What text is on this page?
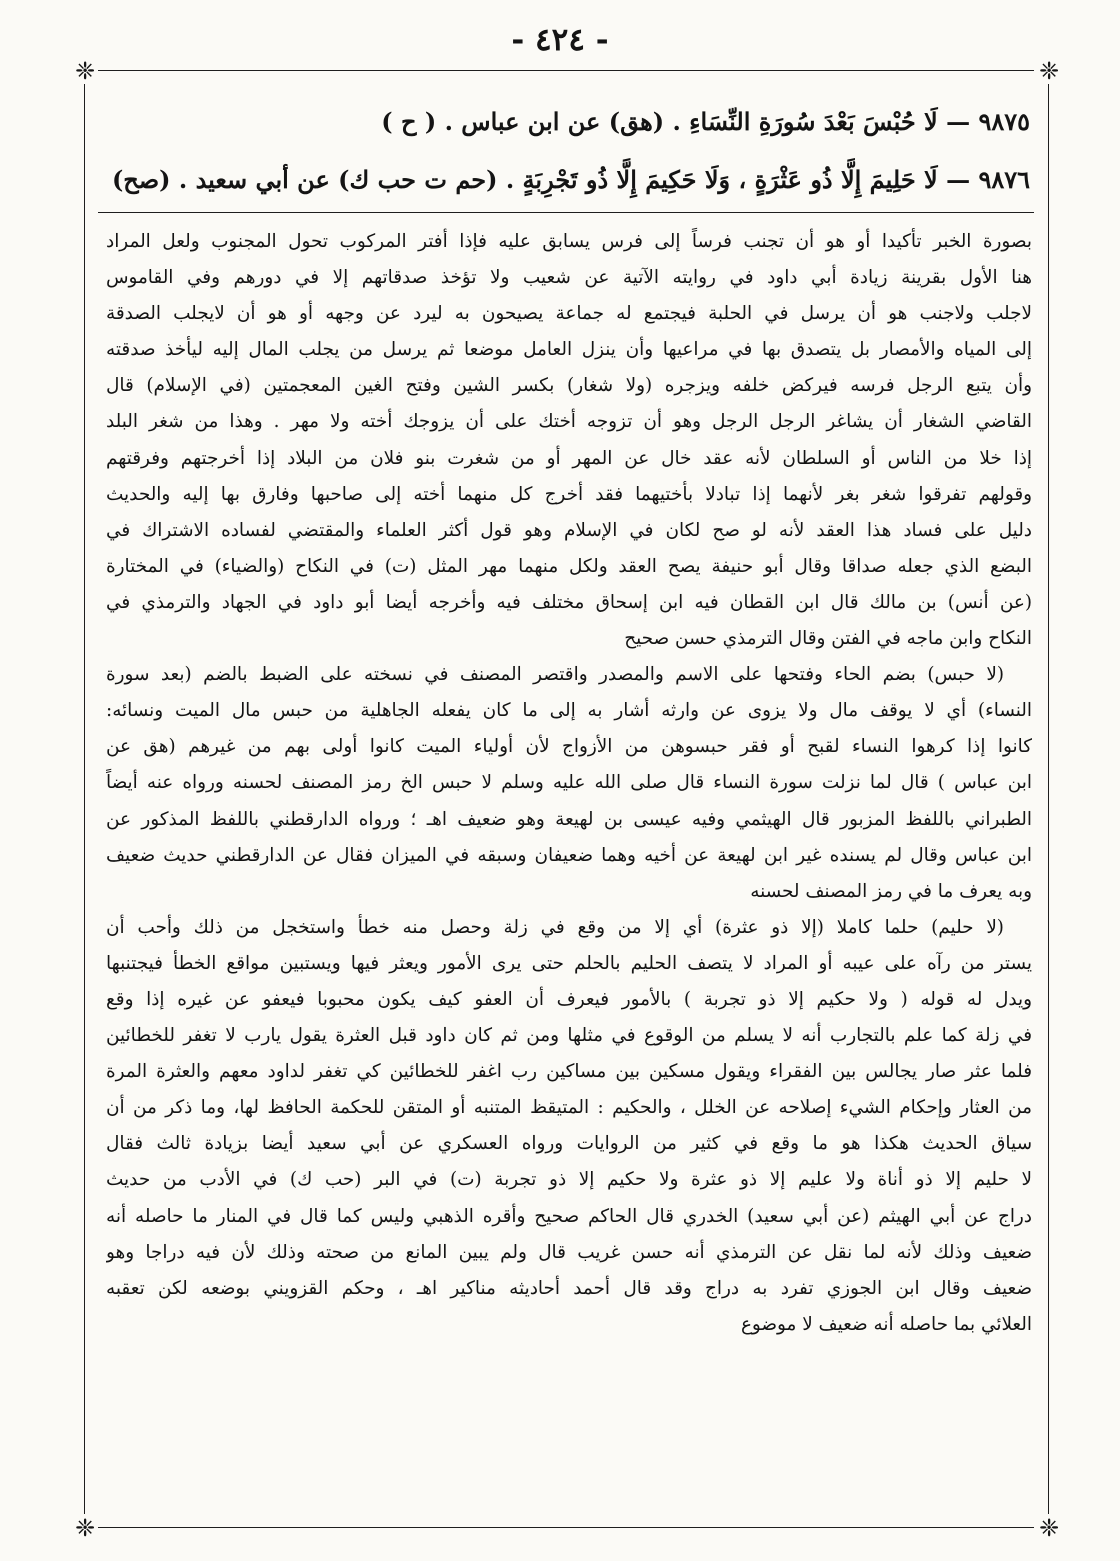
- ٤٢٤ -
❈	❈
❈	❈
٩٨٧٥ — لَا حُبْسَ بَعْدَ سُورَةِ النِّسَاءِ . (هق) عن ابن عباس . ( ح )
٩٨٧٦ — لَا حَلِيمَ إِلَّا ذُو عَثْرَةٍ ، وَلَا حَكِيمَ إِلَّا ذُو تَجْرِبَةٍ . (حم ت حب ك) عن أبي سعيد . (صح)
بصورة الخبر تأكيدا أو هو أن تجنب فرساً إلى فرس يسابق عليه فإذا أفتر المركوب تحول المجنوب ولعل المراد
هنا الأول بقرينة زيادة أبي داود في روايته الآتية عن شعيب ولا تؤخذ صدقاتهم إلا في دورهم وفي القاموس
لاجلب ولاجنب هو أن يرسل في الحلبة فيجتمع له جماعة يصيحون به ليرد عن وجهه أو هو أن لايجلب الصدقة
إلى المياه والأمصار بل يتصدق بها في مراعيها وأن ينزل العامل موضعا ثم يرسل من يجلب المال إليه ليأخذ صدقته
وأن يتبع الرجل فرسه فيركض خلفه ويزجره (ولا شغار) بكسر الشين وفتح الغين المعجمتين (في الإسلام) قال
القاضي الشغار أن يشاغر الرجل الرجل وهو أن تزوجه أختك على أن يزوجك أخته ولا مهر . وهذا من شغر البلد
إذا خلا من الناس أو السلطان لأنه عقد خال عن المهر أو من شغرت بنو فلان من البلاد إذا أخرجتهم وفرقتهم
وقولهم تفرقوا شغر بغر لأنهما إذا تبادلا بأختيهما فقد أخرج كل منهما أخته إلى صاحبها وفارق بها إليه والحديث
دليل على فساد هذا العقد لأنه لو صح لكان في الإسلام وهو قول أكثر العلماء والمقتضي لفساده الاشتراك في
البضع الذي جعله صداقا وقال أبو حنيفة يصح العقد ولكل منهما مهر المثل (ت) في النكاح (والضياء) في المختارة
(عن أنس) بن مالك قال ابن القطان فيه ابن إسحاق مختلف فيه وأخرجه أيضا أبو داود في الجهاد والترمذي في
النكاح وابن ماجه في الفتن وقال الترمذي حسن صحيح
(لا حبس) بضم الحاء وفتحها على الاسم والمصدر واقتصر المصنف في نسخته على الضبط بالضم (بعد سورة
النساء) أي لا يوقف مال ولا يزوى عن وارثه أشار به إلى ما كان يفعله الجاهلية من حبس مال الميت ونسائه:
كانوا إذا كرهوا النساء لقبح أو فقر حبسوهن من الأزواج لأن أولياء الميت كانوا أولى بهم من غيرهم (هق عن
ابن عباس ) قال لما نزلت سورة النساء قال صلى الله عليه وسلم لا حبس الخ رمز المصنف لحسنه ورواه عنه أيضاً
الطبراني باللفظ المزبور قال الهيثمي وفيه عيسى بن لهيعة وهو ضعيف اهـ ؛ ورواه الدارقطني باللفظ المذكور عن
ابن عباس وقال لم يسنده غير ابن لهيعة عن أخيه وهما ضعيفان وسبقه في الميزان فقال عن الدارقطني حديث ضعيف
وبه يعرف ما في رمز المصنف لحسنه
(لا حليم) حلما كاملا (إلا ذو عثرة) أي إلا من وقع في زلة وحصل منه خطأ واستخجل من ذلك وأحب أن
يستر من رآه على عيبه أو المراد لا يتصف الحليم بالحلم حتى يرى الأمور ويعثر فيها ويستبين مواقع الخطأ فيجتنبها
ويدل له قوله ( ولا حكيم إلا ذو تجربة ) بالأمور فيعرف أن العفو كيف يكون محبوبا فيعفو عن غيره إذا وقع
في زلة كما علم بالتجارب أنه لا يسلم من الوقوع في مثلها ومن ثم كان داود قبل العثرة يقول يارب لا تغفر للخطائين
فلما عثر صار يجالس بين الفقراء ويقول مسكين بين مساكين رب اغفر للخطائين كي تغفر لداود معهم والعثرة المرة
من العثار وإحكام الشيء إصلاحه عن الخلل ، والحكيم : المتيقظ المتنبه أو المتقن للحكمة الحافظ لها، وما ذكر من أن
سياق الحديث هكذا هو ما وقع في كثير من الروايات ورواه العسكري عن أبي سعيد أيضا بزيادة ثالث فقال
لا حليم إلا ذو أناة ولا عليم إلا ذو عثرة ولا حكيم إلا ذو تجربة (ت) في البر (حب ك) في الأدب من حديث
دراج عن أبي الهيثم (عن أبي سعيد) الخدري قال الحاكم صحيح وأقره الذهبي وليس كما قال في المنار ما حاصله أنه
ضعيف وذلك لأنه لما نقل عن الترمذي أنه حسن غريب قال ولم يبين المانع من صحته وذلك لأن فيه دراجا وهو
ضعيف وقال ابن الجوزي تفرد به دراج وقد قال أحمد أحاديثه مناكير اهـ ، وحكم القزويني بوضعه لكن تعقبه
العلائي بما حاصله أنه ضعيف لا موضوع
